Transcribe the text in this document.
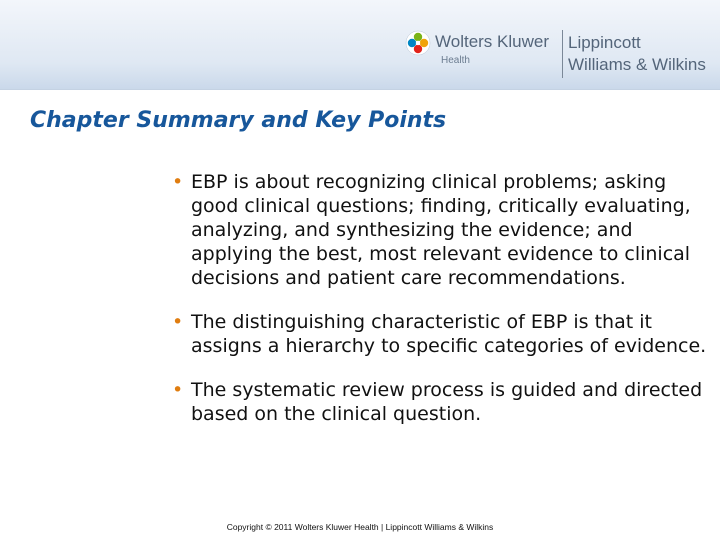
Wolters Kluwer
Health
Lippincott
Williams & Wilkins
Chapter Summary and Key Points
• EBP is about recognizing clinical problems; asking good clinical questions; finding, critically evaluating, analyzing, and synthesizing the evidence; and applying the best, most relevant evidence to clinical decisions and patient care recommendations.
• The distinguishing characteristic of EBP is that it assigns a hierarchy to specific categories of evidence.
• The systematic review process is guided and directed based on the clinical question.
Copyright © 2011 Wolters Kluwer Health | Lippincott Williams & Wilkins
